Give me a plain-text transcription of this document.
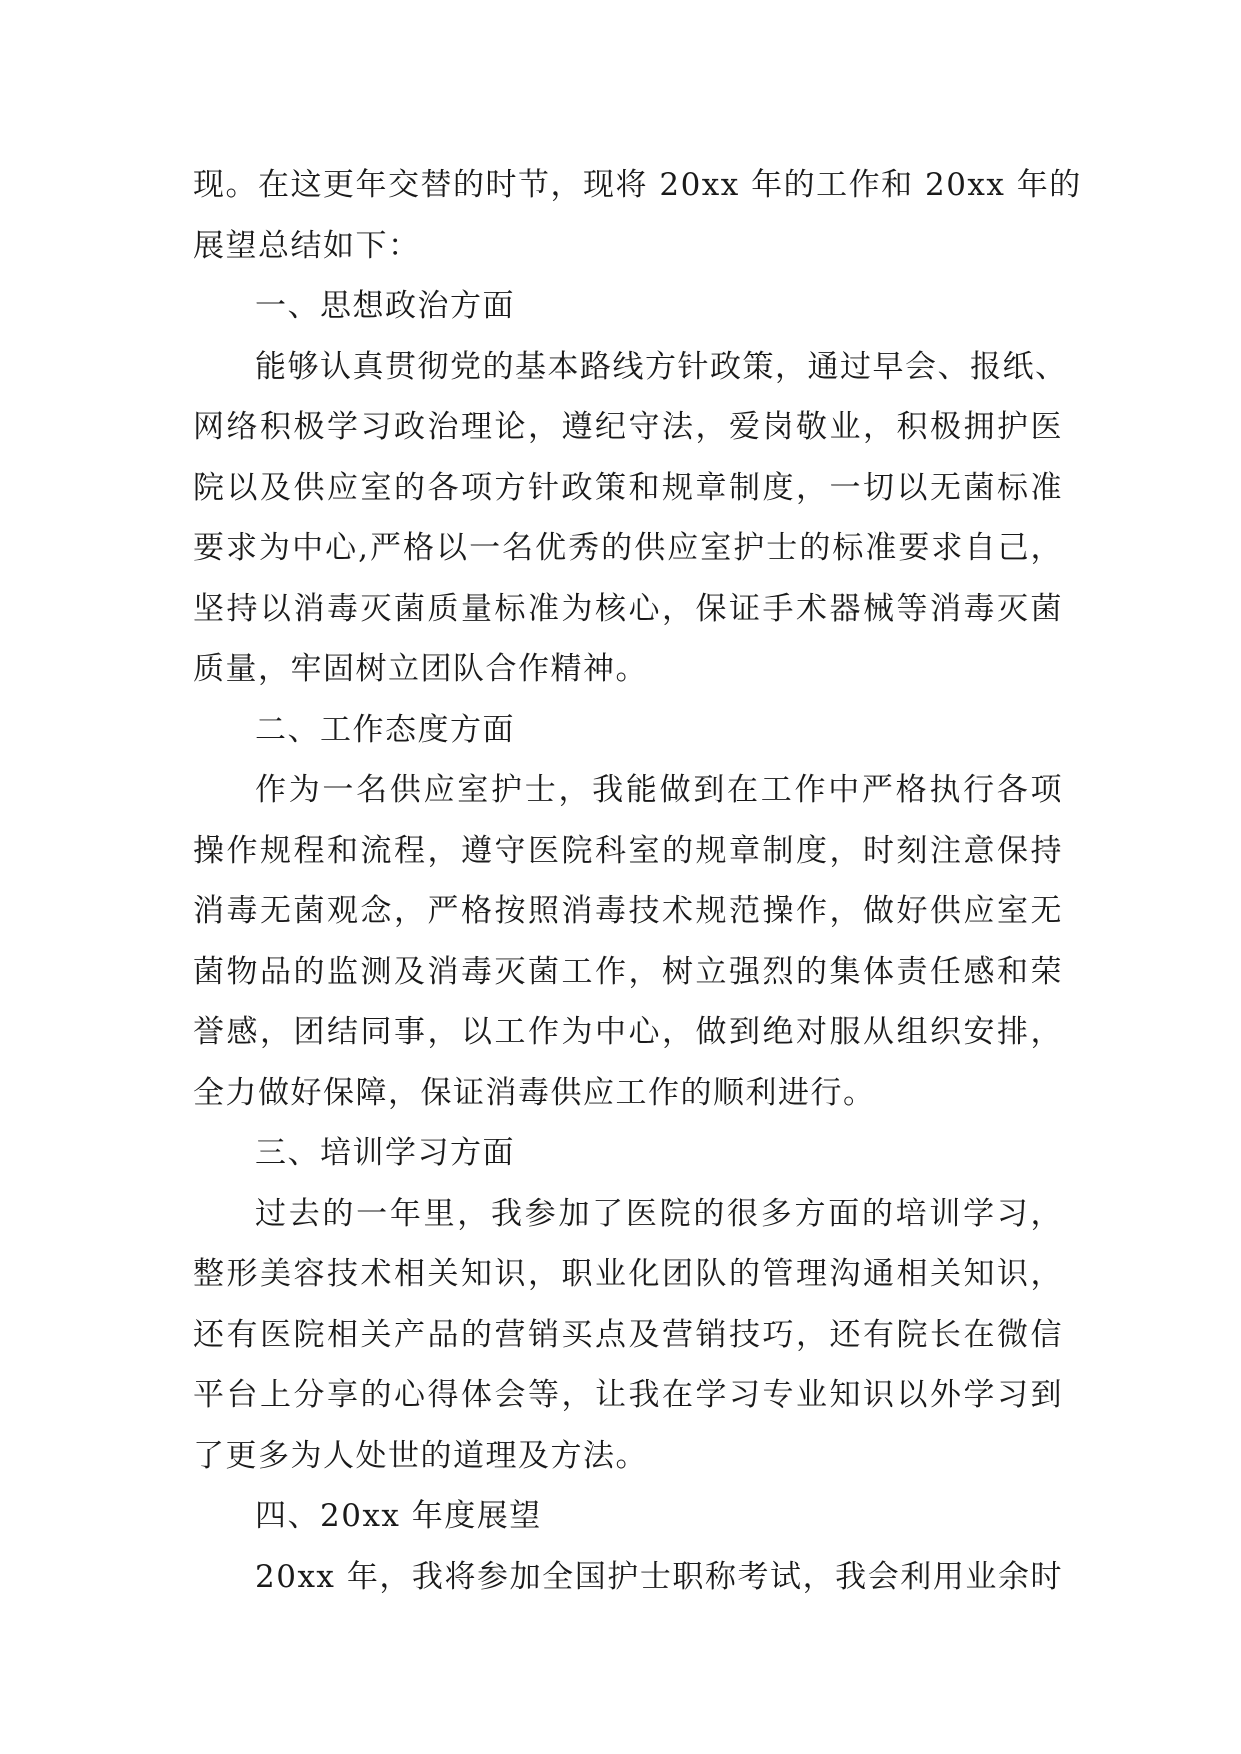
现。在这更年交替的时节，现将 20xx 年的工作和 20xx 年的
展望总结如下：
一、思想政治方面
能够认真贯彻党的基本路线方针政策，通过早会、报纸、
网络积极学习政治理论，遵纪守法，爱岗敬业，积极拥护医
院以及供应室的各项方针政策和规章制度，一切以无菌标准
要求为中心,严格以一名优秀的供应室护士的标准要求自己，
坚持以消毒灭菌质量标准为核心，保证手术器械等消毒灭菌
质量，牢固树立团队合作精神。
二、工作态度方面
作为一名供应室护士，我能做到在工作中严格执行各项
操作规程和流程，遵守医院科室的规章制度，时刻注意保持
消毒无菌观念，严格按照消毒技术规范操作，做好供应室无
菌物品的监测及消毒灭菌工作，树立强烈的集体责任感和荣
誉感，团结同事，以工作为中心，做到绝对服从组织安排，
全力做好保障，保证消毒供应工作的顺利进行。
三、培训学习方面
过去的一年里，我参加了医院的很多方面的培训学习，
整形美容技术相关知识，职业化团队的管理沟通相关知识，
还有医院相关产品的营销买点及营销技巧，还有院长在微信
平台上分享的心得体会等，让我在学习专业知识以外学习到
了更多为人处世的道理及方法。
四、20xx 年度展望
20xx 年，我将参加全国护士职称考试，我会利用业余时
